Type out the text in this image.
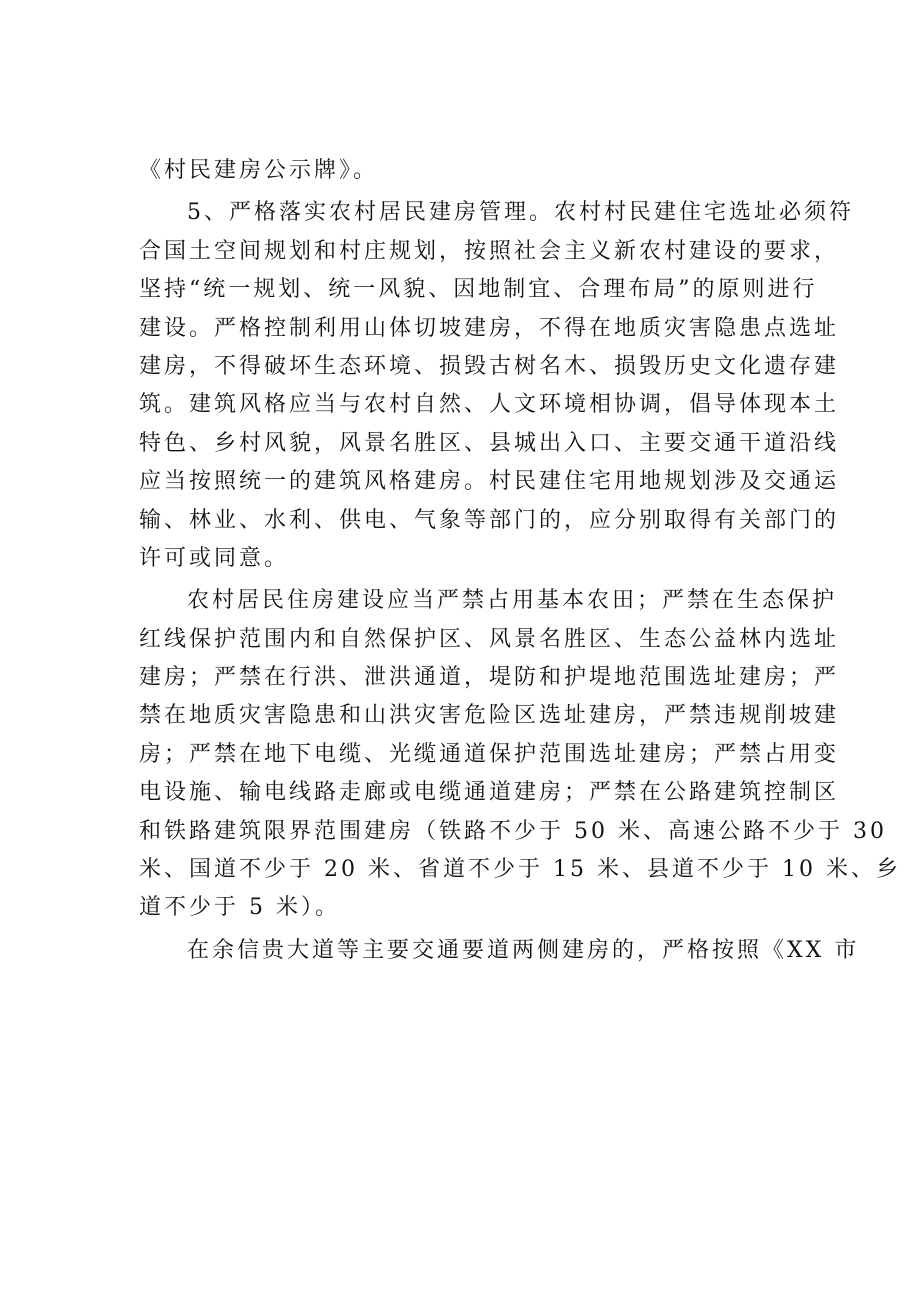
《村民建房公示牌》。
5、严格落实农村居民建房管理。农村村民建住宅选址必须符
合国土空间规划和村庄规划，按照社会主义新农村建设的要求，
坚持“统一规划、统一风貌、因地制宜、合理布局”的原则进行
建设。严格控制利用山体切坡建房，不得在地质灾害隐患点选址
建房，不得破坏生态环境、损毁古树名木、损毁历史文化遗存建
筑。建筑风格应当与农村自然、人文环境相协调，倡导体现本土
特色、乡村风貌，风景名胜区、县城出入口、主要交通干道沿线
应当按照统一的建筑风格建房。村民建住宅用地规划涉及交通运
输、林业、水利、供电、气象等部门的，应分别取得有关部门的
许可或同意。
农村居民住房建设应当严禁占用基本农田；严禁在生态保护
红线保护范围内和自然保护区、风景名胜区、生态公益林内选址
建房；严禁在行洪、泄洪通道，堤防和护堤地范围选址建房；严
禁在地质灾害隐患和山洪灾害危险区选址建房，严禁违规削坡建
房；严禁在地下电缆、光缆通道保护范围选址建房；严禁占用变
电设施、输电线路走廊或电缆通道建房；严禁在公路建筑控制区
和铁路建筑限界范围建房（铁路不少于 50 米、高速公路不少于 30
米、国道不少于 20 米、省道不少于 15 米、县道不少于 10 米、乡
道不少于 5 米）。
在余信贵大道等主要交通要道两侧建房的，严格按照《XX 市
